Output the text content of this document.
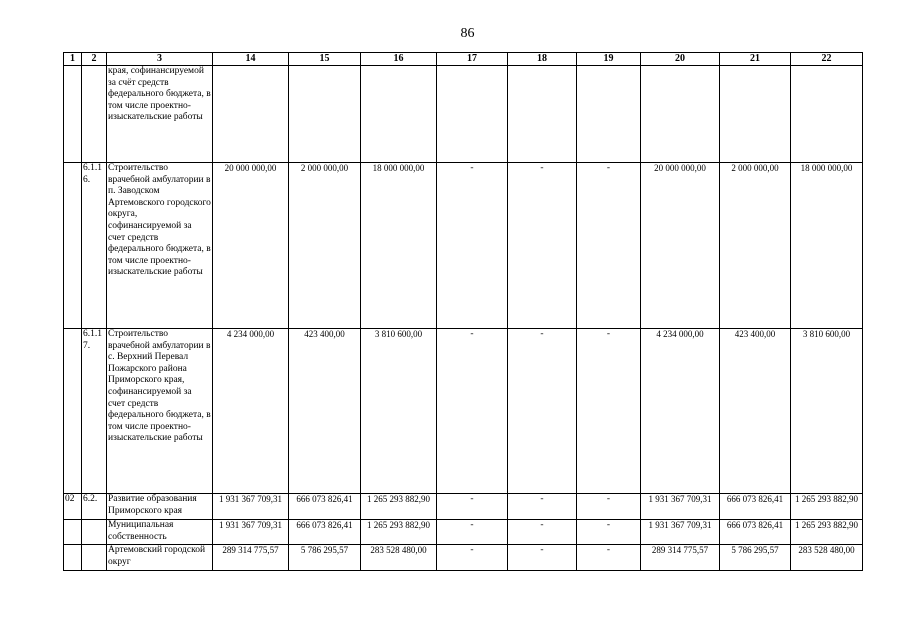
86
1	2	3	14	15	16	17	18	19	20	21	22
		края, софинансируемой за счёт средств федерального бюджета, в том числе проектно-изыскательские работы									
	6.1.16.	Строительство врачебной амбулатории в п. Заводском Артемовского городского округа, софинансируемой за счет средств федерального бюджета, в том числе проектно-изыскательские работы	20 000 000,00	2 000 000,00	18 000 000,00	-	-	-	20 000 000,00	2 000 000,00	18 000 000,00
	6.1.17.	Строительство врачебной амбулатории в с. Верхний Перевал Пожарского района Приморского края, софинансируемой за счет средств федерального бюджета, в том числе проектно-изыскательские работы	4 234 000,00	423 400,00	3 810 600,00	-	-	-	4 234 000,00	423 400,00	3 810 600,00
02	6.2.	Развитие образования Приморского края	1 931 367 709,31	666 073 826,41	1 265 293 882,90	-	-	-	1 931 367 709,31	666 073 826,41	1 265 293 882,90
		Муниципальная собственность	1 931 367 709,31	666 073 826,41	1 265 293 882,90	-	-	-	1 931 367 709,31	666 073 826,41	1 265 293 882,90
		Артемовский городской округ	289 314 775,57	5 786 295,57	283 528 480,00	-	-	-	289 314 775,57	5 786 295,57	283 528 480,00
